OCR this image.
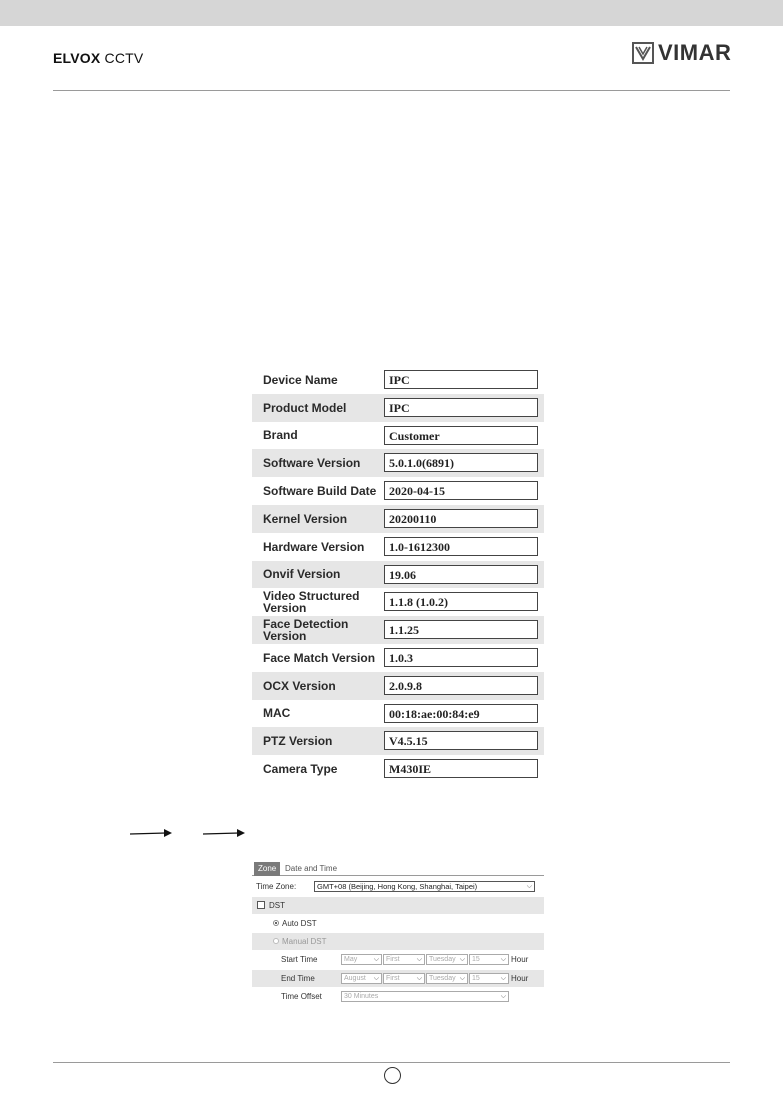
ELVOX CCTV	VIMAR
Device Name	IPC
Product Model	IPC
Brand	Customer
Software Version	5.0.1.0(6891)
Software Build Date	2020-04-15
Kernel Version	20200110
Hardware Version	1.0-1612300
Onvif Version	19.06
Video Structured Version	1.1.8 (1.0.2)
Face Detection Version	1.1.25
Face Match Version	1.0.3
OCX Version	2.0.9.8
MAC	00:18:ae:00:84:e9
PTZ Version	V4.5.15
Camera Type	M430IE
Zone	Date and Time
Time Zone:	GMT+08 (Beijing, Hong Kong, Shanghai, Taipei)	⌵
DST
Auto DST
Manual DST
Start Time	May ⌵	First ⌵	Tuesday ⌵	15	⌵ Hour
End Time	August ⌵	First ⌵	Tuesday ⌵	15	⌵ Hour
Time Offset	30 Minutes	⌵
